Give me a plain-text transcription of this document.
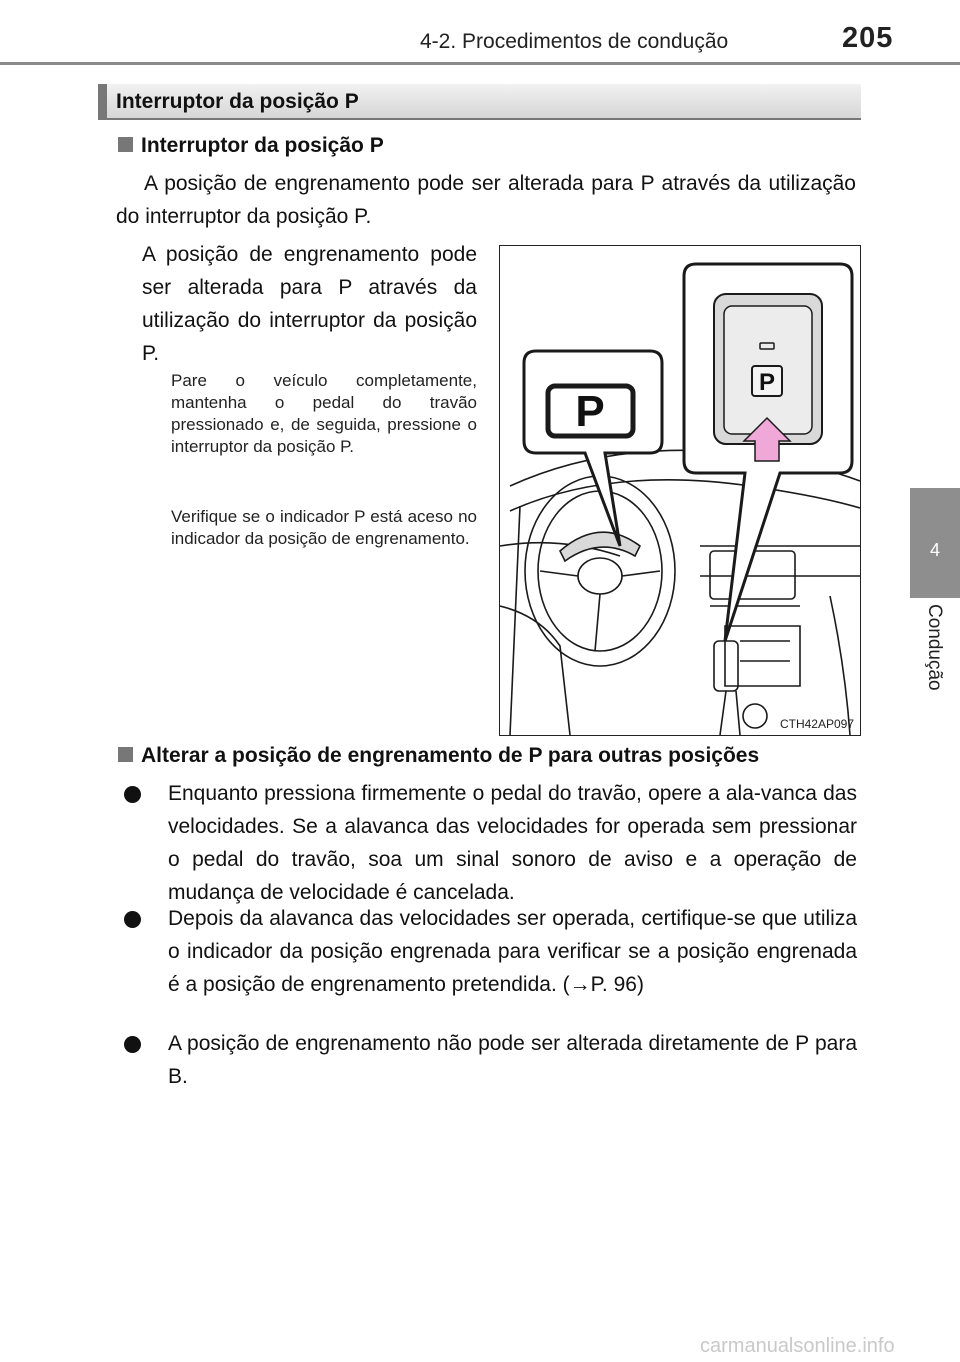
4-2. Procedimentos de condução	205
4
Condução
Interruptor da posição P
Interruptor da posição P
A posição de engrenamento pode ser alterada para P através da utilização do interruptor da posição P.
A posição de engrenamento pode ser alterada para P através da utilização do interruptor da posição P.
Pare o veículo completamente, mantenha o pedal do travão pressionado e, de seguida, pressione o interruptor da posição P.
Verifique se o indicador P está aceso no indicador da posição de engrenamento.
P
P
CTH42AP097
Alterar a posição de engrenamento de P para outras posições
Enquanto pressiona firmemente o pedal do travão, opere a ala-vanca das velocidades. Se a alavanca das velocidades for operada sem pressionar o pedal do travão, soa um sinal sonoro de aviso e a operação de mudança de velocidade é cancelada.
Depois da alavanca das velocidades ser operada, certifique-se que utiliza o indicador da posição engrenada para verificar se a posição engrenada é a posição de engrenamento pretendida. (→P. 96)
A posição de engrenamento não pode ser alterada diretamente de P para B.
carmanualsonline.info
